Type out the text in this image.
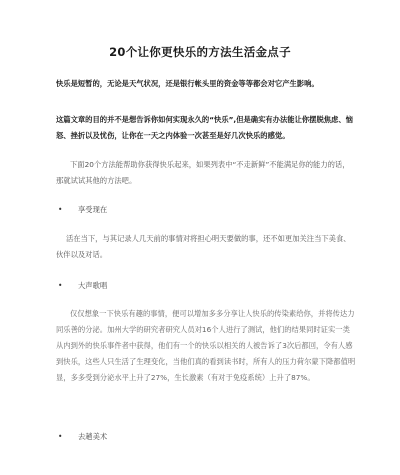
20个让你更快乐的方法生活金点子
快乐是短暂的，无论是天气状况，还是银行帐头里的资金等等都会对它产生影响。
这篇文章的目的并不是想告诉你如何实现永久的“快乐”,但是确实有办法能让你摆脱焦虑、恼怒、挫折以及忧伤，让你在一天之内体验一次甚至是好几次快乐的感觉。
下面20个方法能帮助你获得快乐起来，如果列表中“不走新鲜”不能满足你的能力的话，那就试试其他的方法吧。
• 享受现在
活在当下，与其记录人几天前的事情对将担心明天要做的事，还不如更加关注当下美食、伙伴以及对话。
• 大声歌唱
仅仅想象一下快乐有趣的事情，便可以增加多多分享让人快乐的传染素给你，并将传达力同乐善的分泌。加州大学的研究者研究人员对16个人进行了测试，他们的结果同时证实一类从内到外的快乐事件者中获得，他们有一个的快乐以相关的人被告诉了3次后都回，令有人感到快乐，这些人只生活了生理变化，当他们真的看到读书时，所有人的压力荷尔蒙下降都值明显，多多受到分泌水平上升了27%，生长激素（有对于免疫系统）上升了87%。
• 去趟美术
